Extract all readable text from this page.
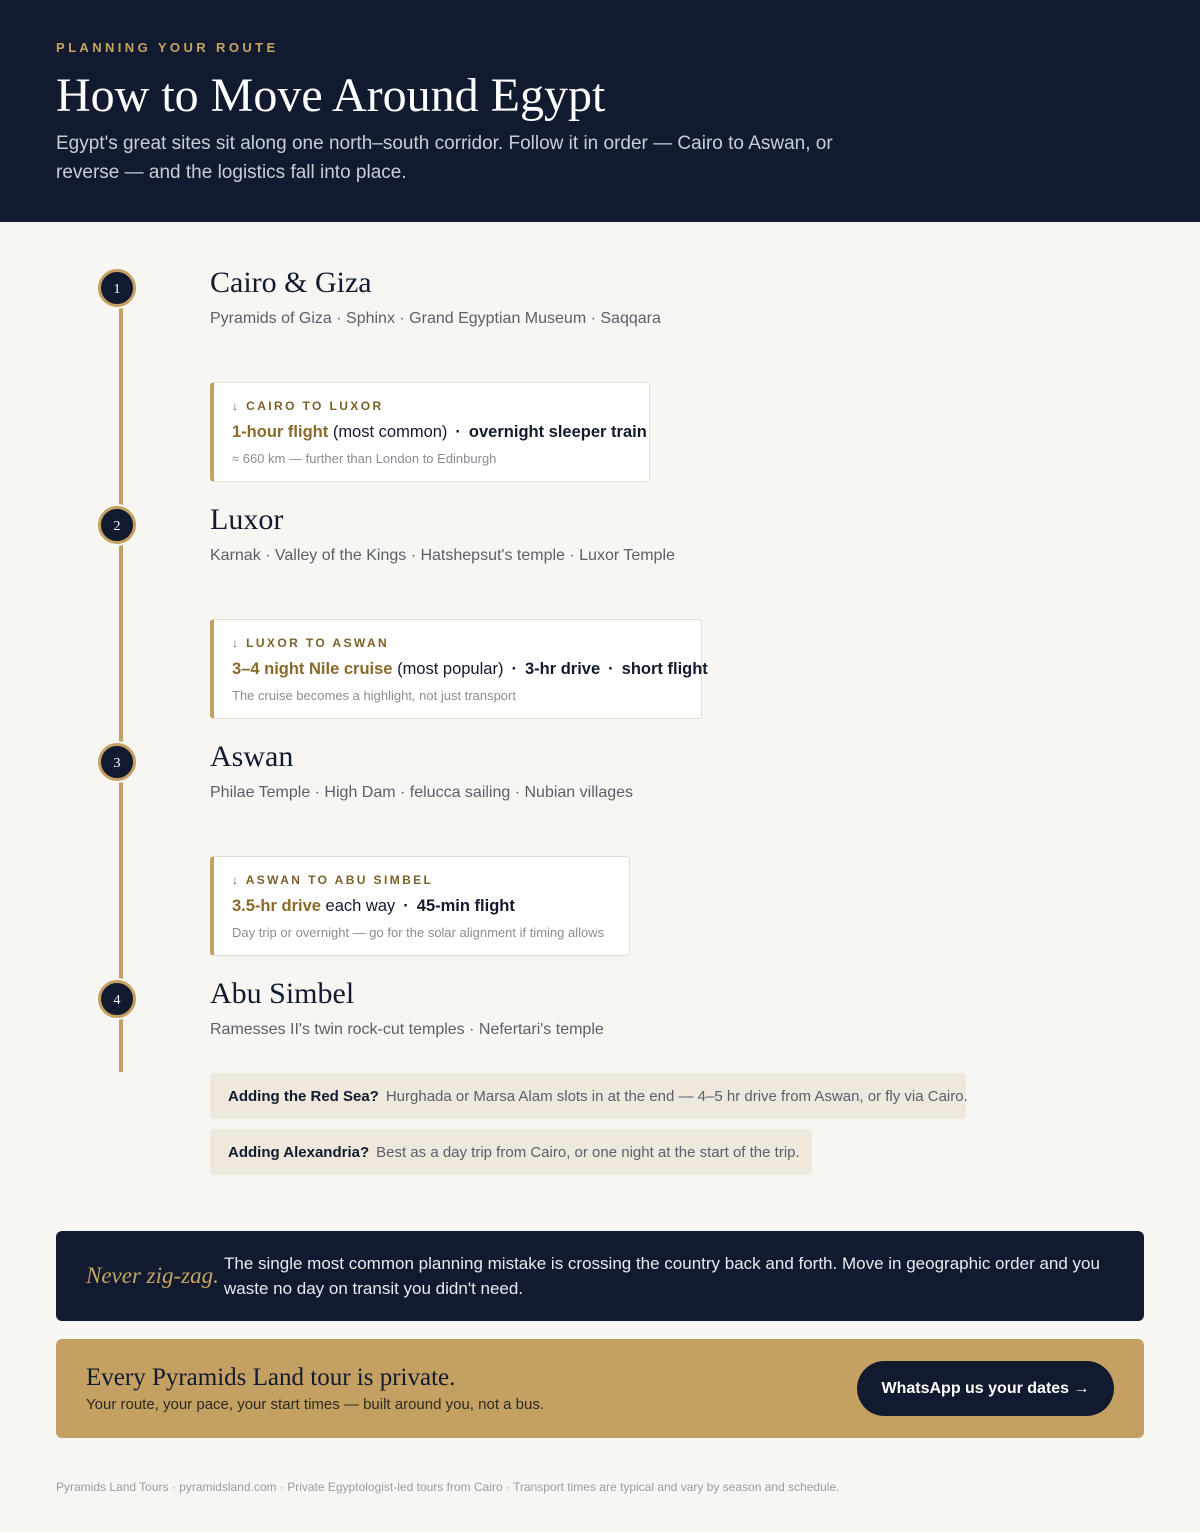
PLANNING YOUR ROUTE
How to Move Around Egypt

Egypt's great sites sit along one north–south corridor. Follow it in order — Cairo to Aswan, or reverse — and the logistics fall into place.

1	Cairo & Giza
Pyramids of Giza · Sphinx · Grand Egyptian Museum · Saqqara
↓ CAIRO TO LUXOR
1-hour flight (most common) · overnight sleeper train
≈ 660 km — further than London to Edinburgh
2	Luxor
Karnak · Valley of the Kings · Hatshepsut's temple · Luxor Temple
↓ LUXOR TO ASWAN
3–4 night Nile cruise (most popular) · 3-hr drive · short flight
The cruise becomes a highlight, not just transport
3	Aswan
Philae Temple · High Dam · felucca sailing · Nubian villages
↓ ASWAN TO ABU SIMBEL
3.5-hr drive each way · 45-min flight
Day trip or overnight — go for the solar alignment if timing allows
4	Abu Simbel
Ramesses II's twin rock-cut temples · Nefertari's temple
Adding the Red Sea? Hurghada or Marsa Alam slots in at the end — 4–5 hr drive from Aswan, or fly via Cairo.
Adding Alexandria? Best as a day trip from Cairo, or one night at the start of the trip.
Never zig-zag. The single most common planning mistake is crossing the country back and forth. Move in geographic order and you waste no day on transit you didn't need.
Every Pyramids Land tour is private.
Your route, your pace, your start times — built around you, not a bus.
WhatsApp us your dates →
Pyramids Land Tours · pyramidsland.com · Private Egyptologist-led tours from Cairo · Transport times are typical and vary by season and schedule.
